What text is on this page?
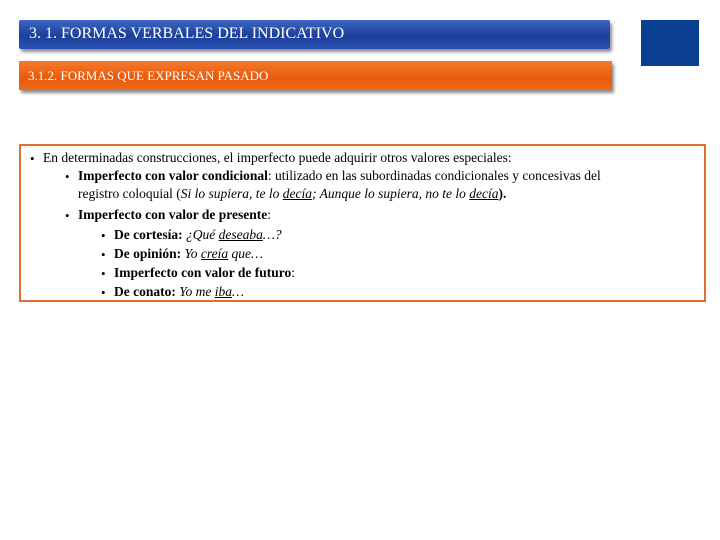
3. 1. FORMAS VERBALES DEL INDICATIVO
3.1.2. FORMAS QUE EXPRESAN PASADO
• En determinadas construcciones, el imperfecto puede adquirir otros valores especiales:
• Imperfecto con valor condicional: utilizado en las subordinadas condicionales y concesivas del
registro coloquial (Si lo supiera, te lo decía; Aunque lo supiera, no te lo decía).
• Imperfecto con valor de presente:
• De cortesía: ¿Qué deseaba…?
• De opinión: Yo creía que…
• Imperfecto con valor de futuro:
• De conato: Yo me iba…
